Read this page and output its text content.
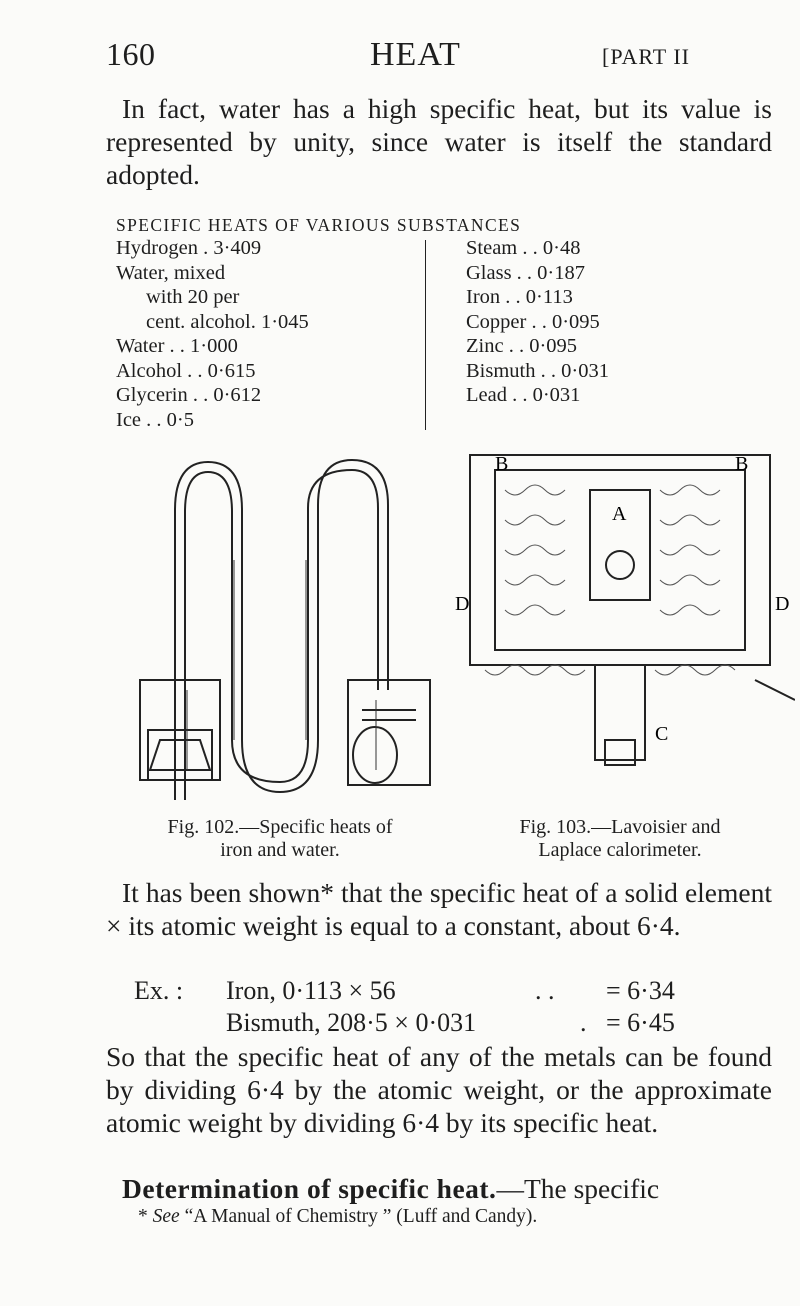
160	HEAT	[PART II
In fact, water has a high specific heat, but its value is represented by unity, since water is itself the standard adopted.
SPECIFIC HEATS OF VARIOUS SUBSTANCES
Hydrogen . 3·409
Water, mixed
with 20 per
cent. alcohol. 1·045
Water . . 1·000
Alcohol . . 0·615
Glycerin . . 0·612
Ice . . 0·5
Steam . . 0·48
Glass . . 0·187
Iron . . 0·113
Copper . . 0·095
Zinc . . 0·095
Bismuth . . 0·031
Lead . . 0·031
A
B	B
C
D	D
Fig. 102.—Specific heats of
iron and water.
Fig. 103.—Lavoisier and
Laplace calorimeter.
It has been shown* that the specific heat of a solid element × its atomic weight is equal to a constant, about 6·4.
Ex. : Iron, 0·113 × 56	. . = 6·34
Bismuth, 208·5 × 0·031	. = 6·45
So that the specific heat of any of the metals can be found by dividing 6·4 by the atomic weight, or the approximate atomic weight by dividing 6·4 by its specific heat.
Determination of specific heat.—The specific
* See “A Manual of Chemistry ” (Luff and Candy).
